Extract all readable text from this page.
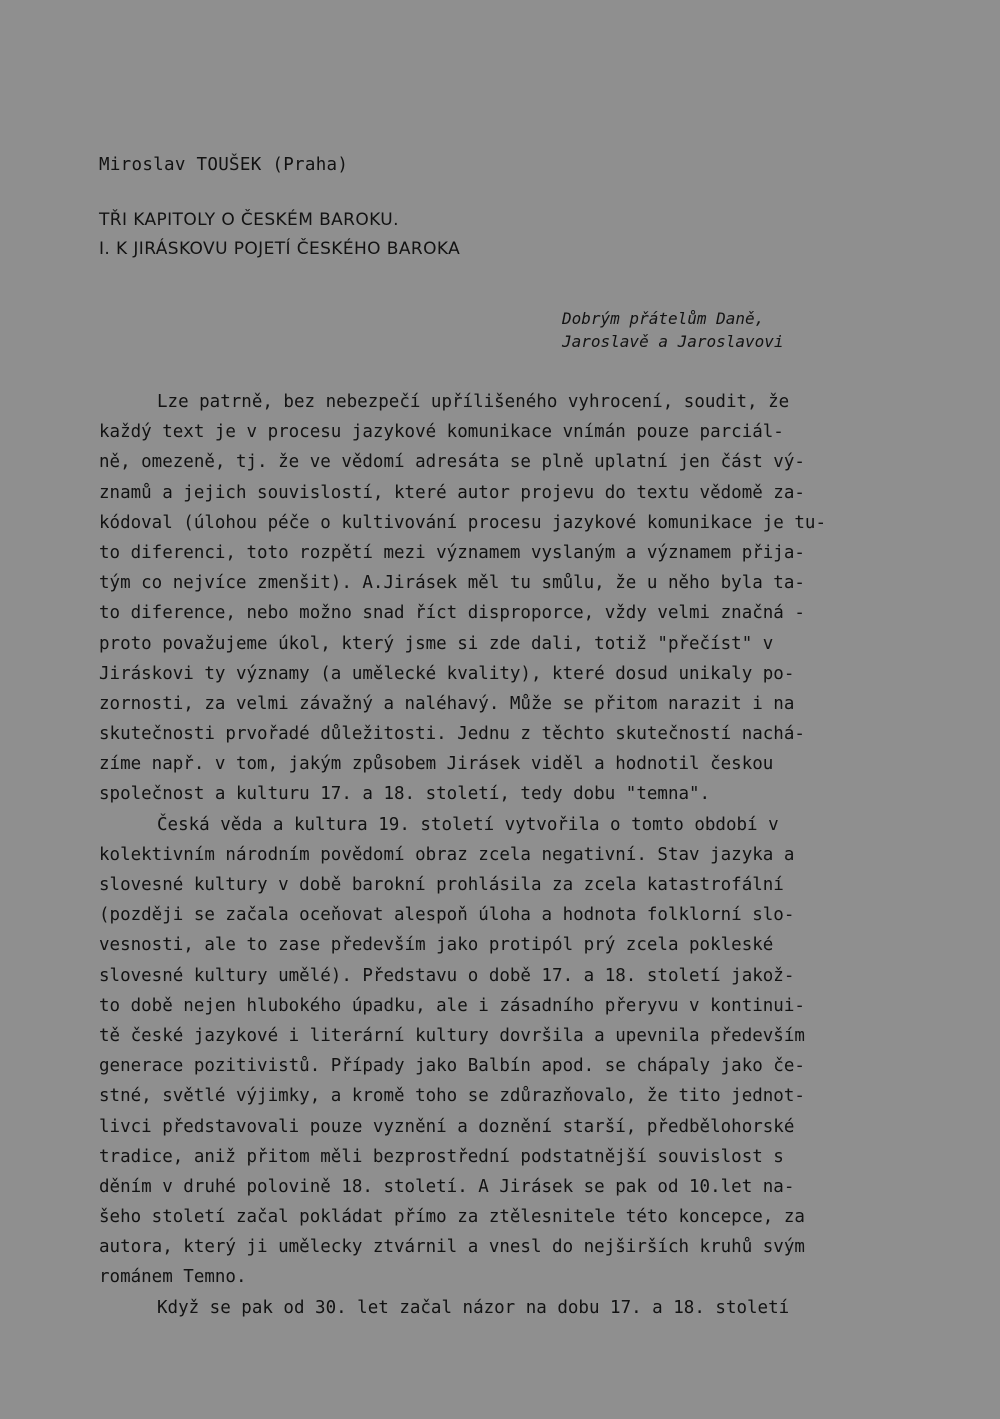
Miroslav TOUŠEK (Praha)

TŘI KAPITOLY O ČESKÉM BAROKU.
I. K JIRÁSKOVU POJETÍ ČESKÉHO BAROKA
Dobrým přátelům Daně,
Jaroslavě a Jaroslavovi
Lze patrně, bez nebezpečí upřílišeného vyhrocení, soudit, že
každý text je v procesu jazykové komunikace vnímán pouze parciál-
ně, omezeně, tj. že ve vědomí adresáta se plně uplatní jen část vý-
znamů a jejich souvislostí, které autor projevu do textu vědomě za-
kódoval (úlohou péče o kultivování procesu jazykové komunikace je tu-
to diferenci, toto rozpětí mezi významem vyslaným a významem přija-
tým co nejvíce zmenšit). A.Jirásek měl tu smůlu, že u něho byla ta-
to diference, nebo možno snad říct disproporce, vždy velmi značná -
proto považujeme úkol, který jsme si zde dali, totiž "přečíst" v
Jiráskovi ty významy (a umělecké kvality), které dosud unikaly po-
zornosti, za velmi závažný a naléhavý. Může se přitom narazit i na
skutečnosti prvořadé důležitosti. Jednu z těchto skutečností nachá-
zíme např. v tom, jakým způsobem Jirásek viděl a hodnotil českou
společnost a kulturu 17. a 18. století, tedy dobu "temna".
Česká věda a kultura 19. století vytvořila o tomto období v
kolektivním národním povědomí obraz zcela negativní. Stav jazyka a
slovesné kultury v době barokní prohlásila za zcela katastrofální
(později se začala oceňovat alespoň úloha a hodnota folklorní slo-
vesnosti, ale to zase především jako protipól prý zcela pokleské
slovesné kultury umělé). Představu o době 17. a 18. století jakož-
to době nejen hlubokého úpadku, ale i zásadního přeryvu v kontinui-
tě české jazykové i literární kultury dovršila a upevnila především
generace pozitivistů. Případy jako Balbín apod. se chápaly jako če-
stné, světlé výjimky, a kromě toho se zdůrazňovalo, že tito jednot-
livci představovali pouze vyznění a doznění starší, předbělohorské
tradice, aniž přitom měli bezprostřední podstatnější souvislost s
děním v druhé polovině 18. století. A Jirásek se pak od 10.let na-
šeho století začal pokládat přímo za ztělesnitele této koncepce, za
autora, který ji umělecky ztvárnil a vnesl do nejširších kruhů svým
románem Temno.
Když se pak od 30. let začal názor na dobu 17. a 18. století
